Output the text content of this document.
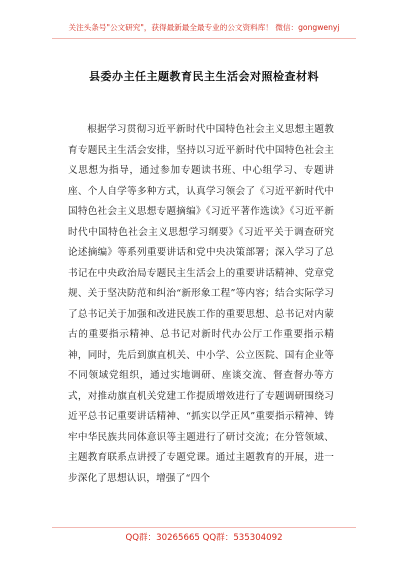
关注头条号"公文研究"，获得最新最全最专业的公文资料库！ 微信：gongwenyj
县委办主任主题教育民主生活会对照检查材料

根据学习贯彻习近平新时代中国特色社会主义思想主题教育专题民主生活会安排，坚持以习近平新时代中国特色社会主义思想为指导，通过参加专题读书班、中心组学习、专题讲座、个人自学等多种方式，认真学习领会了《习近平新时代中国特色社会主义思想专题摘编》《习近平著作选读》《习近平新时代中国特色社会主义思想学习纲要》《习近平关于调查研究论述摘编》等系列重要讲话和党中央决策部署；深入学习了总书记在中央政治局专题民主生活会上的重要讲话精神、党章党规、关于坚决防范和纠治“新形象工程”等内容；结合实际学习了总书记关于加强和改进民族工作的重要思想、总书记对内蒙古的重要指示精神、总书记对新时代办公厅工作重要指示精神，同时，先后到旗直机关、中小学、公立医院、国有企业等不同领域党组织，通过实地调研、座谈交流、督查督办等方式，对推动旗直机关党建工作提质增效进行了专题调研围绕习近平总书记重要讲话精神、“抓实以学正风”重要指示精神、铸牢中华民族共同体意识等主题进行了研讨交流；在分管领域、主题教育联系点讲授了专题党课。通过主题教育的开展，进一步深化了思想认识，增强了“四个

QQ群：30265665 QQ群：535304092
